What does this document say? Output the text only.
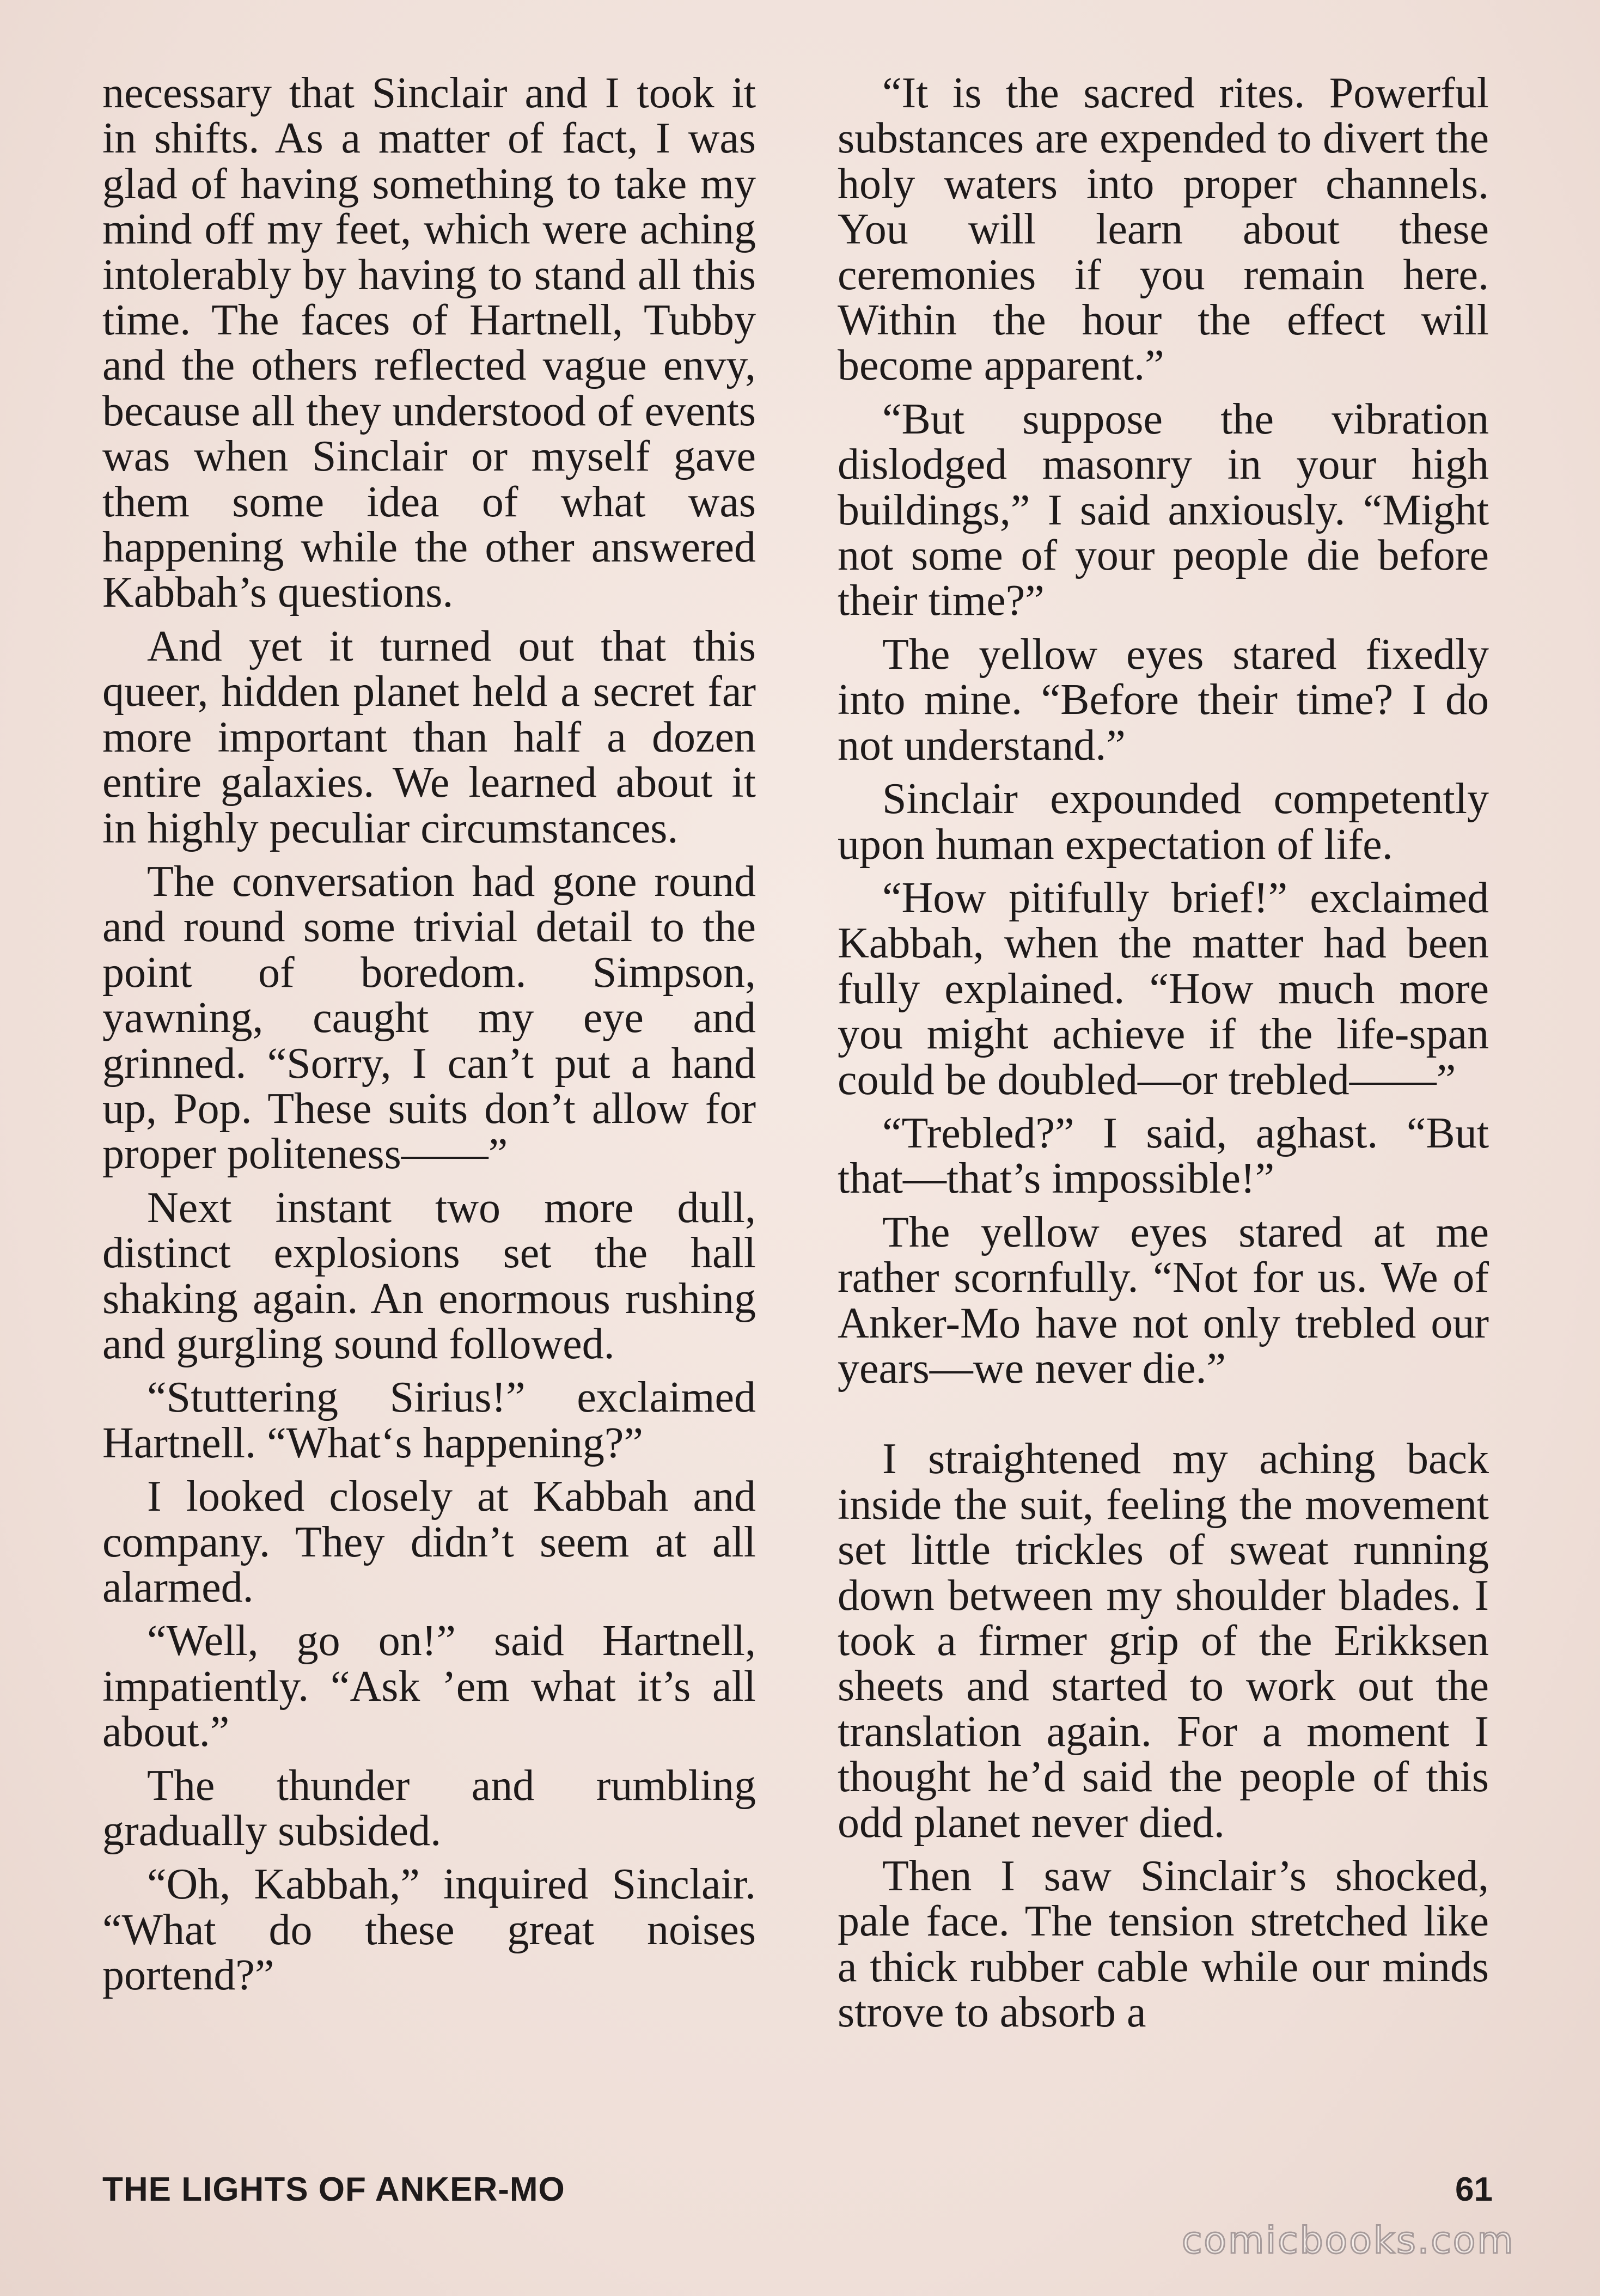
necessary that Sinclair and I took it in shifts. As a matter of fact, I was glad of having something to take my mind off my feet, which were aching intolerably by having to stand all this time. The faces of Hartnell, Tubby and the others reflected vague envy, because all they understood of events was when Sinclair or myself gave them some idea of what was happening while the other answered Kabbah’s questions.

And yet it turned out that this queer, hidden planet held a secret far more important than half a dozen entire galaxies. We learned about it in highly peculiar circumstances.

The conversation had gone round and round some trivial detail to the point of boredom. Simpson, yawning, caught my eye and grinned. “Sorry, I can’t put a hand up, Pop. These suits don’t allow for proper politeness——”

Next instant two more dull, distinct explosions set the hall shaking again. An enormous rushing and gurgling sound followed.

“Stuttering Sirius!” exclaimed Hartnell. “What‘s happening?”

I looked closely at Kabbah and company. They didn’t seem at all alarmed.

“Well, go on!” said Hartnell, impatiently. “Ask ’em what it’s all about.”

The thunder and rumbling gradually subsided.

“Oh, Kabbah,” inquired Sinclair. “What do these great noises portend?”

“It is the sacred rites. Powerful substances are expended to divert the holy waters into proper channels. You will learn about these ceremonies if you remain here. Within the hour the effect will become apparent.”

“But suppose the vibration dislodged masonry in your high buildings,” I said anxiously. “Might not some of your people die before their time?”

The yellow eyes stared fixedly into mine. “Before their time? I do not understand.”

Sinclair expounded competently upon human expectation of life.

“How pitifully brief!” exclaimed Kabbah, when the matter had been fully explained. “How much more you might achieve if the life-span could be doubled—or trebled——”

“Trebled?” I said, aghast. “But that—that’s impossible!”

The yellow eyes stared at me rather scornfully. “Not for us. We of Anker-Mo have not only trebled our years—we never die.”

I straightened my aching back inside the suit, feeling the movement set little trickles of sweat running down between my shoulder blades. I took a firmer grip of the Erikksen sheets and started to work out the translation again. For a moment I thought he’d said the people of this odd planet never died.

Then I saw Sinclair’s shocked, pale face. The tension stretched like a thick rubber cable while our minds strove to absorb a

THE LIGHTS OF ANKER-MO	61
comicbooks.com
